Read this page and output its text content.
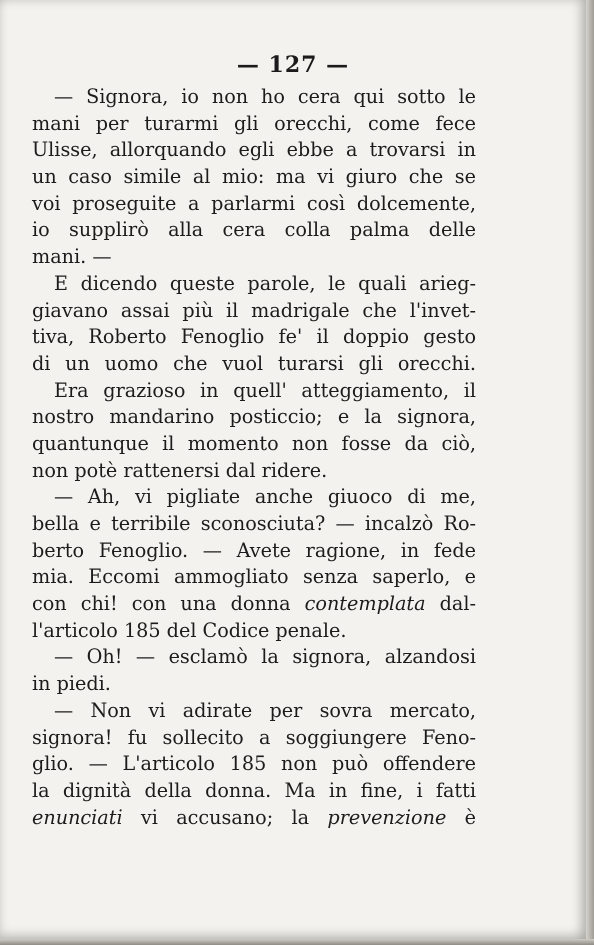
— 127 —
— Signora, io non ho cera qui sotto le
mani per turarmi gli orecchi, come fece
Ulisse, allorquando egli ebbe a trovarsi in
un caso simile al mio: ma vi giuro che se
voi proseguite a parlarmi così dolcemente,
io supplirò alla cera colla palma delle
mani. —
E dicendo queste parole, le quali arieg-
giavano assai più il madrigale che l'invet-
tiva, Roberto Fenoglio fe' il doppio gesto
di un uomo che vuol turarsi gli orecchi.
Era grazioso in quell' atteggiamento, il
nostro mandarino posticcio; e la signora,
quantunque il momento non fosse da ciò,
non potè rattenersi dal ridere.
— Ah, vi pigliate anche giuoco di me,
bella e terribile sconosciuta? — incalzò Ro-
berto Fenoglio. — Avete ragione, in fede
mia. Eccomi ammogliato senza saperlo, e
con chi! con una donna contemplata dal-
l'articolo 185 del Codice penale.
— Oh! — esclamò la signora, alzandosi
in piedi.
— Non vi adirate per sovra mercato,
signora! fu sollecito a soggiungere Feno-
glio. — L'articolo 185 non può offendere
la dignità della donna. Ma in fine, i fatti
enunciati vi accusano; la prevenzione è
